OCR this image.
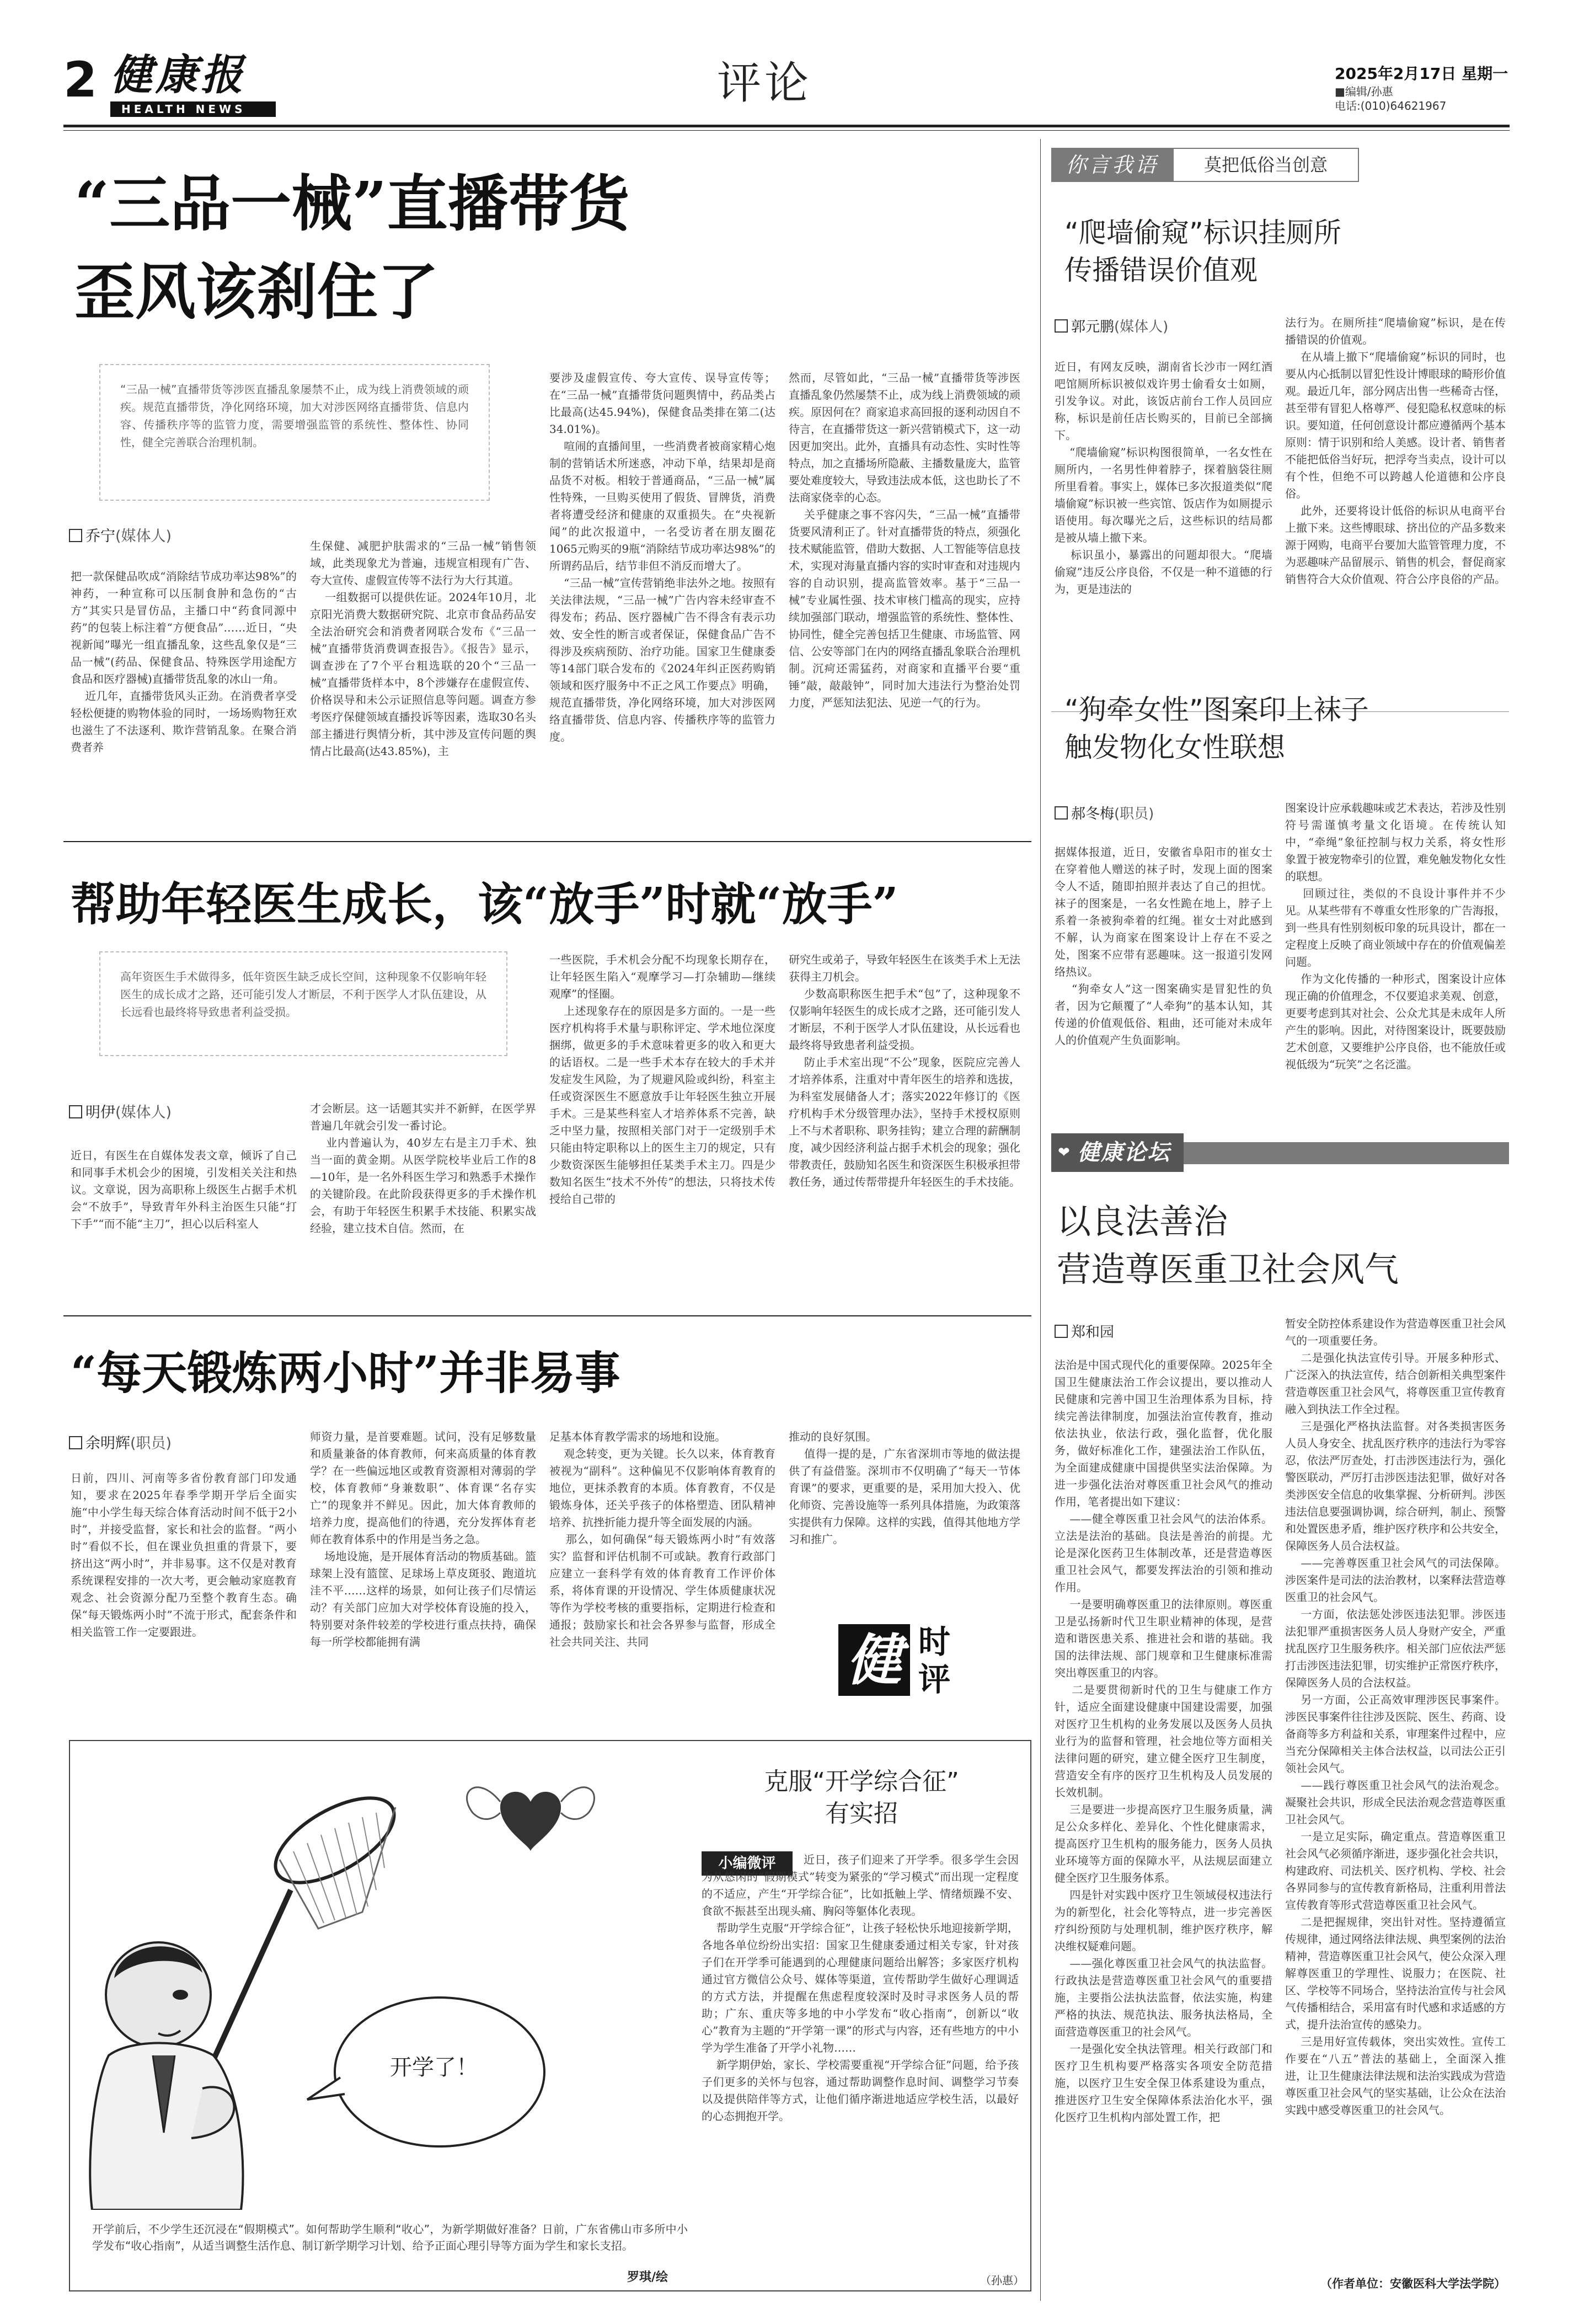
2 健康报
HEALTH NEWS
评论	2025年2月17日 星期一
■编辑/孙惠
电话:(010)64621967
“三品一械”直播带货
歪风该刹住了

“三品一械”直播带货等涉医直播乱象屡禁不止，成为线上消费领域的顽疾。规范直播带货，净化网络环境，加大对涉医网络直播带货、信息内容、传播秩序等的监管力度，需要增强监管的系统性、整体性、协同性，健全完善联合治理机制。

乔宁(媒体人)

把一款保健品吹成“消除结节成功率达98%”的神药，一种宣称可以压制食肿和急伤的“古方”其实只是冒仿品，主播口中“药食同源中药”的包装上标注着“方便食品”……近日，“央视新闻”曝光一组直播乱象，这些乱象仅是“三品一械”(药品、保健食品、特殊医学用途配方食品和医疗器械)直播带货乱象的冰山一角。
近几年，直播带货风头正劲。在消费者享受轻松便捷的购物体验的同时，一场场购物狂欢也滋生了不法逐利、欺诈营销乱象。在聚合消费者养

生保健、减肥护肤需求的“三品一械”销售领域，此类现象尤为普遍，违规宣相现有广告、夸大宣传、虚假宣传等不法行为大行其道。
一组数据可以提供佐证。2024年10月，北京阳光消费大数据研究院、北京市食品药品安全法治研究会和消费者网联合发布《“三品一械”直播带货消费调查报告》。《报告》显示，调查涉在了7个平台粗选联的20个“三品一械”直播带货样本中，8个涉嫌存在虚假宣传、价格误导和未公示证照信息等问题。调查方参考医疗保健领域直播投诉等因素，选取30名头部主播进行舆情分析，其中涉及宣传问题的舆情占比最高(达43.85%)，主

要涉及虚假宣传、夸大宣传、误导宣传等；在“三品一械”直播带货问题舆情中，药品类占比最高(达45.94%)，保健食品类排在第二(达34.01%)。
喧闹的直播间里，一些消费者被商家精心炮制的营销话术所迷惑，冲动下单，结果却是商品货不对板。相较于普通商品，“三品一械”属性特殊，一旦购买使用了假货、冒牌货，消费者将遭受经济和健康的双重损失。在“央视新闻”的此次报道中，一名受访者在朋友圈花1065元购买的9瓶“消除结节成功率达98%”的所谓药品后，结节非但不消反而增大了。
“三品一械”宣传营销绝非法外之地。按照有关法律法规，“三品一械”广告内容未经审查不得发布；药品、医疗器械广告不得含有表示功效、安全性的断言或者保证，保健食品广告不得涉及疾病预防、治疗功能。国家卫生健康委等14部门联合发布的《2024年纠正医药购销领域和医疗服务中不正之风工作要点》明确，规范直播带货，净化网络环境，加大对涉医网络直播带货、信息内容、传播秩序等的监管力度。

然而，尽管如此，“三品一械”直播带货等涉医直播乱象仍然屡禁不止，成为线上消费领域的顽疾。原因何在？商家追求高回报的逐利动因自不待言，在直播带货这一新兴营销模式下，这一动因更加突出。此外，直播具有动态性、实时性等特点，加之直播场所隐蔽、主播数量庞大，监管要处难度较大，导致违法成本低，这也助长了不法商家侥幸的心态。
关乎健康之事不容闪失，“三品一械”直播带货要风清利正了。针对直播带货的特点，须强化技术赋能监管，借助大数据、人工智能等信息技术，实现对海量直播内容的实时审查和对违规内容的自动识别，提高监管效率。基于“三品一械”专业属性强、技术审核门槛高的现实，应持续加强部门联动，增强监管的系统性、整体性、协同性，健全完善包括卫生健康、市场监管、网信、公安等部门在内的网络直播乱象联合治理机制。沉疴还需猛药，对商家和直播平台要“重锤”敲，敲敲钟”，同时加大违法行为整治处罚力度，严惩知法犯法、见逆一气的行为。

帮助年轻医生成长，该“放手”时就“放手”

高年资医生手术做得多，低年资医生缺乏成长空间，这种现象不仅影响年轻医生的成长成才之路，还可能引发人才断层，不利于医学人才队伍建设，从长远看也最终将导致患者利益受损。

明伊(媒体人)

近日，有医生在自媒体发表文章，倾诉了自己和同事手术机会少的困境，引发相关关注和热议。文章说，因为高职称上级医生占据手术机会“不放手”，导致青年外科主治医生只能“打下手”“而不能“主刀”，担心以后科室人

才会断层。这一话题其实并不新鲜，在医学界普遍几年就会引发一番讨论。
业内普遍认为，40岁左右是主刀手术、独当一面的黄金期。从医学院校毕业后工作的8—10年，是一名外科医生学习和熟悉手术操作的关键阶段。在此阶段获得更多的手术操作机会，有助于年轻医生积累手术技能、积累实战经验，建立技术自信。然而，在

一些医院，手术机会分配不均现象长期存在，让年轻医生陷入“观摩学习—打杂辅助—继续观摩”的怪圈。
上述现象存在的原因是多方面的。一是一些医疗机构将手术量与职称评定、学术地位深度捆绑，做更多的手术意味着更多的收入和更大的话语权。二是一些手术本存在较大的手术并发症发生风险，为了规避风险或纠纷，科室主任或资深医生不愿意放手让年轻医生独立开展手术。三是某些科室人才培养体系不完善，缺乏中坚力量，按照相关部门对于一定级别手术只能由特定职称以上的医生主刀的规定，只有少数资深医生能够担任某类手术主刀。四是少数知名医生“技术不外传”的想法，只将技术传授给自己带的

研究生或弟子，导致年轻医生在该类手术上无法获得主刀机会。
少数高职称医生把手术“包”了，这种现象不仅影响年轻医生的成长成才之路，还可能引发人才断层，不利于医学人才队伍建设，从长远看也最终将导致患者利益受损。
防止手术室出现“不公”现象，医院应完善人才培养体系，注重对中青年医生的培养和选拔，为科室发展储备人才；落实2022年修订的《医疗机构手术分级管理办法》，坚持手术授权原则上不与术者职称、职务挂钩；建立合理的薪酬制度，减少因经济利益占据手术机会的现象；强化带教责任，鼓励知名医生和资深医生积极承担带教任务，通过传帮带提升年轻医生的手术技能。

“每天锻炼两小时”并非易事
余明辉(职员)

日前，四川、河南等多省份教育部门印发通知，要求在2025年春季学期开学后全面实施“中小学生每天综合体育活动时间不低于2小时”，并接受监督，家长和社会的监督。“两小时”看似不长，但在课业负担重的背景下，要挤出这“两小时”，并非易事。这不仅是对教育系统课程安排的一次大考，更会触动家庭教育观念、社会资源分配乃至整个教育生态。确保“每天锻炼两小时”不流于形式，配套条件和相关监管工作一定要跟进。

师资力量，是首要难题。试问，没有足够数量和质量兼备的体育教师，何来高质量的体育教学？在一些偏远地区或教育资源相对薄弱的学校，体育教师“身兼数职”、体育课“名存实亡”的现象并不鲜见。因此，加大体育教师的培养力度，提高他们的待遇，充分发挥体育老师在教育体系中的作用是当务之急。
场地设施，是开展体育活动的物质基础。篮球架上没有篮筐、足球场上草皮斑驳、跑道坑洼不平……这样的场景，如何让孩子们尽情运动？有关部门应加大对学校体育设施的投入，特别要对条件较差的学校进行重点扶持，确保每一所学校都能拥有满

足基本体育教学需求的场地和设施。
观念转变，更为关键。长久以来，体育教育被视为“副科”。这种偏见不仅影响体育教育的地位，更抹杀教育的本质。体育教育，不仅是锻炼身体，还关乎孩子的体格塑造、团队精神培养、抗挫折能力提升等全面发展的内涵。
那么，如何确保“每天锻炼两小时”有效落实？监督和评估机制不可或缺。教育行政部门应建立一套科学有效的体育教育工作评价体系，将体育课的开设情况、学生体质健康状况等作为学校考核的重要指标，定期进行检查和通报；鼓励家长和社会各界参与监督，形成全社会共同关注、共同

推动的良好氛围。
值得一提的是，广东省深圳市等地的做法提供了有益借鉴。深圳市不仅明确了“每天一节体育课”的要求，更重要的是，采用加大投入、优化师资、完善设施等一系列具体措施，为政策落实提供有力保障。这样的实践，值得其他地方学习和推广。

健 时
评
开学了！
开学前后，不少学生还沉浸在“假期模式”。如何帮助学生顺利“收心”，为新学期做好准备？日前，广东省佛山市多所中小学发布“收心指南”，从适当调整生活作息、制订新学期学习计划、给予正面心理引导等方面为学生和家长支招。
罗琪/绘
克服“开学综合征”
有实招
小编微评	近日，孩子们迎来了开学季。很多学生会因为从悠闲的“假期模式”转变为紧张的“学习模式”而出现一定程度的不适应，产生“开学综合征”，比如抵触上学、情绪烦躁不安、食欲不振甚至出现头痛、胸闷等躯体化表现。
帮助学生克服“开学综合征”，让孩子轻松快乐地迎接新学期，各地各单位纷纷出实招：国家卫生健康委通过相关专家，针对孩子们在开学季可能遇到的心理健康问题给出解答；多家医疗机构通过官方微信公众号、媒体等渠道，宣传帮助学生做好心理调适的方式方法，并提醒在焦虑程度较深时及时寻求医务人员的帮助；广东、重庆等多地的中小学发布“收心指南”，创新以“收心”教育为主题的“开学第一课”的形式与内容，还有些地方的中小学为学生准备了开学小礼物……
新学期伊始，家长、学校需要重视“开学综合征”问题，给予孩子们更多的关怀与包容，通过帮助调整作息时间、调整学习节奏以及提供陪伴等方式，让他们循序渐进地适应学校生活，以最好的心态拥抱开学。

（孙惠）
你言我语	莫把低俗当创意
“爬墙偷窥”标识挂厕所
传播错误价值观
郭元鹏(媒体人)

近日，有网友反映，湖南省长沙市一网红酒吧馆厕所标识被似戏许男士偷看女士如厕，引发争议。对此，该饭店前台工作人员回应称，标识是前任店长购买的，目前已全部摘下。
“爬墙偷窥”标识构图很简单，一名女性在厕所内，一名男性伸着脖子，探着脑袋往厕所里看着。事实上，媒体已多次报道类似“爬墙偷窥”标识被一些宾馆、饭店作为如厕提示语使用。每次曝光之后，这些标识的结局都是被从墙上撤下来。
标识虽小，暴露出的问题却很大。“爬墙偷窥”违反公序良俗，不仅是一种不道德的行为，更是违法的

法行为。在厕所挂“爬墙偷窥”标识，是在传播错误的价值观。
在从墙上撤下“爬墙偷窥”标识的同时，也要从内心抵制以冒犯性设计博眼球的畸形价值观。最近几年，部分网店出售一些稀奇古怪，甚至带有冒犯人格尊严、侵犯隐私权意味的标识。要知道，任何创意设计都应遵循两个基本原则：情于识别和给人美感。设计者、销售者不能把低俗当好玩，把浮夸当卖点，设计可以有个性，但绝不可以跨越人伦道德和公序良俗。
此外，还要将设计低俗的标识从电商平台上撤下来。这些博眼球、挤出位的产品多数来源于网购，电商平台要加大监管管理力度，不为恶趣味产品留展示、销售的机会，督促商家销售符合大众价值观、符合公序良俗的产品。

“狗牵女性”图案印上袜子
触发物化女性联想
郝冬梅(职员)

据媒体报道，近日，安徽省阜阳市的崔女士在穿着他人赠送的袜子时，发现上面的图案令人不适，随即拍照并表达了自己的担忧。袜子的图案是，一名女性跪在地上，脖子上系着一条被狗牵着的红绳。崔女士对此感到不解，认为商家在图案设计上存在不妥之处，图案不应带有恶趣味。这一报道引发网络热议。
“狗牵女人”这一图案确实是冒犯性的负者，因为它颠覆了“人牵狗”的基本认知，其传递的价值观低俗、粗曲，还可能对未成年人的价值观产生负面影响。

图案设计应承载趣味或艺术表达，若涉及性别符号需谨慎考量文化语境。在传统认知中，“牵绳”象征控制与权力关系，将女性形象置于被宠物牵引的位置，难免触发物化女性的联想。
回顾过往，类似的不良设计事件并不少见。从某些带有不尊重女性形象的广告海报，到一些具有性别刻板印象的玩具设计，都在一定程度上反映了商业领域中存在的价值观偏差问题。
作为文化传播的一种形式，图案设计应体现正确的价值理念，不仅要追求美观、创意，更要考虑到其对社会、公众尤其是未成年人所产生的影响。因此，对待图案设计，既要鼓励艺术创意，又要维护公序良俗，也不能放任或视低级为“玩笑”之名泛滥。

❤ 健康论坛
以良法善治
营造尊医重卫社会风气
郑和园

法治是中国式现代化的重要保障。2025年全国卫生健康法治工作会议提出，要以推动人民健康和完善中国卫生治理体系为目标，持续完善法律制度，加强法治宣传教育，推动依法执业，依法行政，强化监督，优化服务，做好标准化工作，建强法治工作队伍，为全面建成健康中国提供坚实法治保障。为进一步强化法治对尊医重卫社会风气的推动作用，笔者提出如下建议：
——健全尊医重卫社会风气的法治体系。立法是法治的基础。良法是善治的前提。尤论是深化医药卫生体制改革，还是营造尊医重卫社会风气，都要发挥法治的引领和推动作用。
一是要明确尊医重卫的法律原则。尊医重卫是弘扬新时代卫生职业精神的体现，是营造和谐医患关系、推进社会和谐的基础。我国的法律法规、部门规章和卫生健康标准需突出尊医重卫的内容。
二是要贯彻新时代的卫生与健康工作方针，适应全面建设健康中国建设需要，加强对医疗卫生机构的业务发展以及医务人员执业行为的监督和管理，社会地位等方面相关法律问题的研究，建立健全医疗卫生制度，营造安全有序的医疗卫生机构及人员发展的长效机制。
三是要进一步提高医疗卫生服务质量，满足公众多样化、差异化、个性化健康需求，提高医疗卫生机构的服务能力，医务人员执业环境等方面的保障水平，从法规层面建立健全医疗卫生服务体系。
四是针对实践中医疗卫生领域侵权违法行为的新型化，社会化等特点，进一步完善医疗纠纷预防与处理机制，维护医疗秩序，解决维权疑难问题。
——强化尊医重卫社会风气的执法监督。行政执法是营造尊医重卫社会风气的重要措施，主要指公法执法监督，依法实施，构建严格的执法、规范执法、服务执法格局，全面营造尊医重卫的社会风气。
一是强化安全执法管理。相关行政部门和医疗卫生机构要严格落实各项安全防范措施，以医疗卫生安全保卫体系建设为重点，推进医疗卫生安全保障体系法治化水平，强化医疗卫生机构内部处置工作，把

暂安全防控体系建设作为营造尊医重卫社会风气的一项重要任务。
二是强化执法宣传引导。开展多种形式、广泛深入的执法宣传，结合创新相关典型案件营造尊医重卫社会风气，将尊医重卫宣传教育融入到执法工作全过程。
三是强化严格执法监督。对各类损害医务人员人身安全、扰乱医疗秩序的违法行为零容忍，依法严厉查处，打击涉医违法行为，强化警医联动，严厉打击涉医违法犯罪，做好对各类涉医安全信息的收集掌握、分析研判。涉医违法信息要强调协调，综合研判，制止、预警和处置医患矛盾，维护医疗秩序和公共安全，保障医务人员合法权益。
——完善尊医重卫社会风气的司法保障。涉医案件是司法的法治教材，以案释法营造尊医重卫的社会风气。
一方面，依法惩处涉医违法犯罪。涉医违法犯罪严重损害医务人员人身财产安全，严重扰乱医疗卫生服务秩序。相关部门应依法严惩打击涉医违法犯罪，切实维护正常医疗秩序，保障医务人员的合法权益。
另一方面，公正高效审理涉医民事案件。涉医民事案件往往涉及医院、医生、药商、设备商等多方利益和关系，审理案件过程中，应当充分保障相关主体合法权益，以司法公正引领社会风气。
——践行尊医重卫社会风气的法治观念。凝聚社会共识，形成全民法治观念营造尊医重卫社会风气。
一是立足实际，确定重点。营造尊医重卫社会风气必须循序渐进，逐步强化社会共识，构建政府、司法机关、医疗机构、学校、社会各界同参与的宣传教育新格局，注重利用普法宣传教育等形式营造尊医重卫社会风气。
二是把握规律，突出针对性。坚持遵循宣传规律，通过网络法律法规、典型案例的法治精神，营造尊医重卫社会风气，使公众深入理解尊医重卫的学理性、说服力；在医院、社区、学校等不同场合，坚持法治宣传与社会风气传播相结合，采用富有时代感和求适感的方式，提升法治宣传的感染力。
三是用好宣传载体，突出实效性。宣传工作要在“八五”普法的基础上，全面深入推进，让卫生健康法律法规和法治实践成为营造尊医重卫社会风气的坚实基础，让公众在法治实践中感受尊医重卫的社会风气。

（作者单位：安徽医科大学法学院）
